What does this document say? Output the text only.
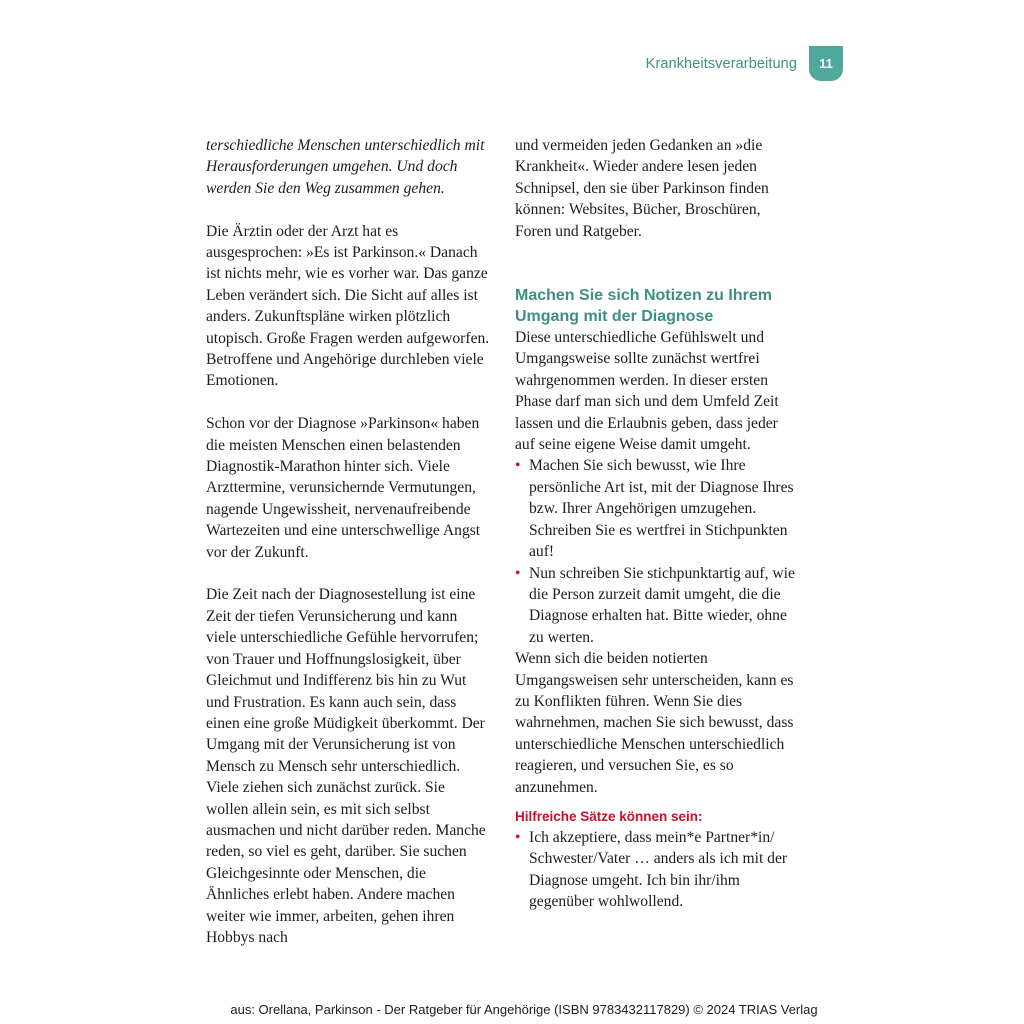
Krankheitsverarbeitung	11

terschiedliche Menschen unterschiedlich mit Herausforderungen umgehen. Und doch werden Sie den Weg zusammen gehen.

Die Ärztin oder der Arzt hat es ausgesprochen: »Es ist Parkinson.« Danach ist nichts mehr, wie es vorher war. Das ganze Leben verändert sich. Die Sicht auf alles ist anders. Zukunftspläne wirken plötzlich utopisch. Große Fragen werden aufgeworfen. Betroffene und Angehörige durchleben viele Emotionen.

Schon vor der Diagnose »Parkinson« haben die meisten Menschen einen belastenden Diagnostik-Marathon hinter sich. Viele Arzttermine, verunsichernde Vermutungen, nagende Ungewissheit, nervenaufreibende Wartezeiten und eine unterschwellige Angst vor der Zukunft.

Die Zeit nach der Diagnosestellung ist eine Zeit der tiefen Verunsicherung und kann viele unterschiedliche Gefühle hervorrufen; von Trauer und Hoffnungslosigkeit, über Gleichmut und Indifferenz bis hin zu Wut und Frustration. Es kann auch sein, dass einen eine große Müdigkeit überkommt. Der Umgang mit der Verunsicherung ist von Mensch zu Mensch sehr unterschiedlich. Viele ziehen sich zunächst zurück. Sie wollen allein sein, es mit sich selbst ausmachen und nicht darüber reden. Manche reden, so viel es geht, darüber. Sie suchen Gleichgesinnte oder Menschen, die Ähnliches erlebt haben. Andere machen weiter wie immer, arbeiten, gehen ihren Hobbys nach

und vermeiden jeden Gedanken an »die Krankheit«. Wieder andere lesen jeden Schnipsel, den sie über Parkinson finden können: Websites, Bücher, Broschüren, Foren und Ratgeber.

Machen Sie sich Notizen zu Ihrem Umgang mit der Diagnose

Diese unterschiedliche Gefühlswelt und Umgangsweise sollte zunächst wertfrei wahrgenommen werden. In dieser ersten Phase darf man sich und dem Umfeld Zeit lassen und die Erlaubnis geben, dass jeder auf seine eigene Weise damit umgeht.

• Machen Sie sich bewusst, wie Ihre persönliche Art ist, mit der Diagnose Ihres bzw. Ihrer Angehörigen umzugehen. Schreiben Sie es wertfrei in Stichpunkten auf!
• Nun schreiben Sie stichpunktartig auf, wie die Person zurzeit damit umgeht, die die Diagnose erhalten hat. Bitte wieder, ohne zu werten.

Wenn sich die beiden notierten Umgangsweisen sehr unterscheiden, kann es zu Konflikten führen. Wenn Sie dies wahrnehmen, machen Sie sich bewusst, dass unterschiedliche Menschen unterschiedlich reagieren, und versuchen Sie, es so anzunehmen.

Hilfreiche Sätze können sein:

• Ich akzeptiere, dass mein*e Partner*in/ Schwester/Vater … anders als ich mit der Diagnose umgeht. Ich bin ihr/ihm gegenüber wohlwollend.
aus: Orellana, Parkinson - Der Ratgeber für Angehörige (ISBN 9783432117829) © 2024 TRIAS Verlag
